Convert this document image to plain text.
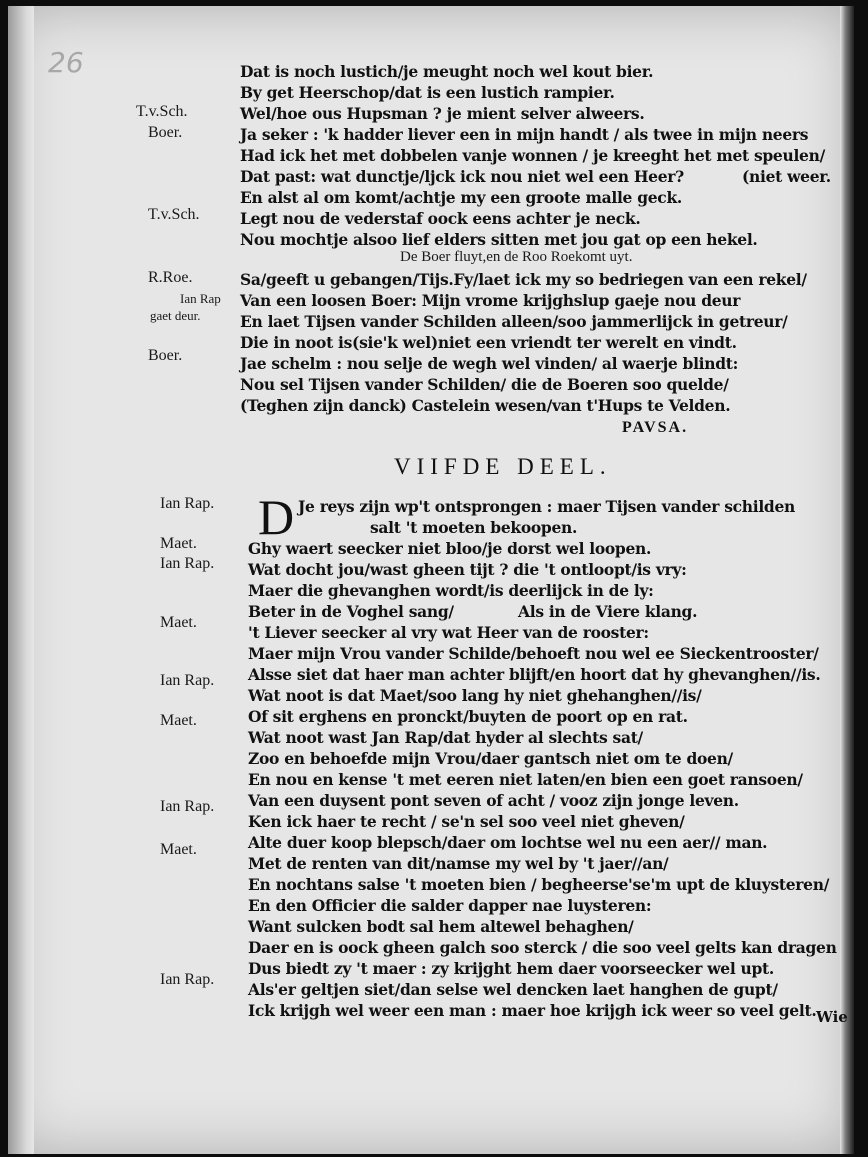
26
T.v.Sch.
Boer.
T.v.Sch.
R.Roe.
Ian Rap
gaet deur.
Boer.
Ian Rap.
Maet.
Ian Rap.
Maet.
Ian Rap.
Maet.
Ian Rap.
Maet.
Ian Rap.
Dat is noch lustich/je meught noch wel kout bier.
By get Heerschop/dat is een lustich rampier.
Wel/hoe ous Hupsman ? je mient selver alweers.
Ja seker : 'k hadder liever een in mijn handt / als twee in mijn neers
Had ick het met dobbelen vanje wonnen / je kreeght het met speulen/
Dat past: wat dunctje/ljck ick nou niet wel een Heer?	(niet weer.
En alst al om komt/achtje my een groote malle geck.
Legt nou de vederstaf oock eens achter je neck.
Nou mochtje alsoo lief elders sitten met jou gat op een hekel.
De Boer fluyt,en de Roo Roekomt uyt.
Sa/geeft u gebangen/Tijs.Fy/laet ick my so bedriegen van een rekel/
Van een loosen Boer: Mijn vrome krijghslup gaeje nou deur
En laet Tijsen vander Schilden alleen/soo jammerlijck in getreur/
Die in noot is(sie'k wel)niet een vriendt ter werelt en vindt.
Jae schelm : nou selje de wegh wel vinden/ al waerje blindt:
Nou sel Tijsen vander Schilden/ die de Boeren soo quelde/
(Teghen zijn danck) Castelein wesen/van t'Hups te Velden.
PAVSA.
VIIFDE DEEL.
D Je reys zijn wp't ontsprongen : maer Tijsen vander schilden
salt 't moeten bekoopen.
Ghy waert seecker niet bloo/je dorst wel loopen.
Wat docht jou/wast gheen tijt ? die 't ontloopt/is vry:
Maer die ghevanghen wordt/is deerlijck in de ly:
Beter in de Voghel sang/	Als in de Viere klang.
't Liever seecker al vry wat Heer van de rooster:
Maer mijn Vrou vander Schilde/behoeft nou wel ee Sieckentrooster/
Alsse siet dat haer man achter blijft/en hoort dat hy ghevanghen//is.
Wat noot is dat Maet/soo lang hy niet ghehanghen//is/
Of sit erghens en pronckt/buyten de poort op en rat.
Wat noot wast Jan Rap/dat hyder al slechts sat/
Zoo en behoefde mijn Vrou/daer gantsch niet om te doen/
En nou en kense 't met eeren niet laten/en bien een goet ransoen/
Van een duysent pont seven of acht / vooz zijn jonge leven.
Ken ick haer te recht / se'n sel soo veel niet gheven/
Alte duer koop blepsch/daer om lochtse wel nu een aer// man.
Met de renten van dit/namse my wel by 't jaer//an/
En nochtans salse 't moeten bien / begheerse'se'm upt de kluysteren/
En den Officier die salder dapper nae luysteren:
Want sulcken bodt sal hem altewel behaghen/
Daer en is oock gheen galch soo sterck / die soo veel gelts kan dragen
Dus biedt zy 't maer : zy krijght hem daer voorseecker wel upt.
Als'er geltjen siet/dan selse wel dencken laet hanghen de gupt/
Ick krijgh wel weer een man : maer hoe krijgh ick weer so veel gelt. Wie
